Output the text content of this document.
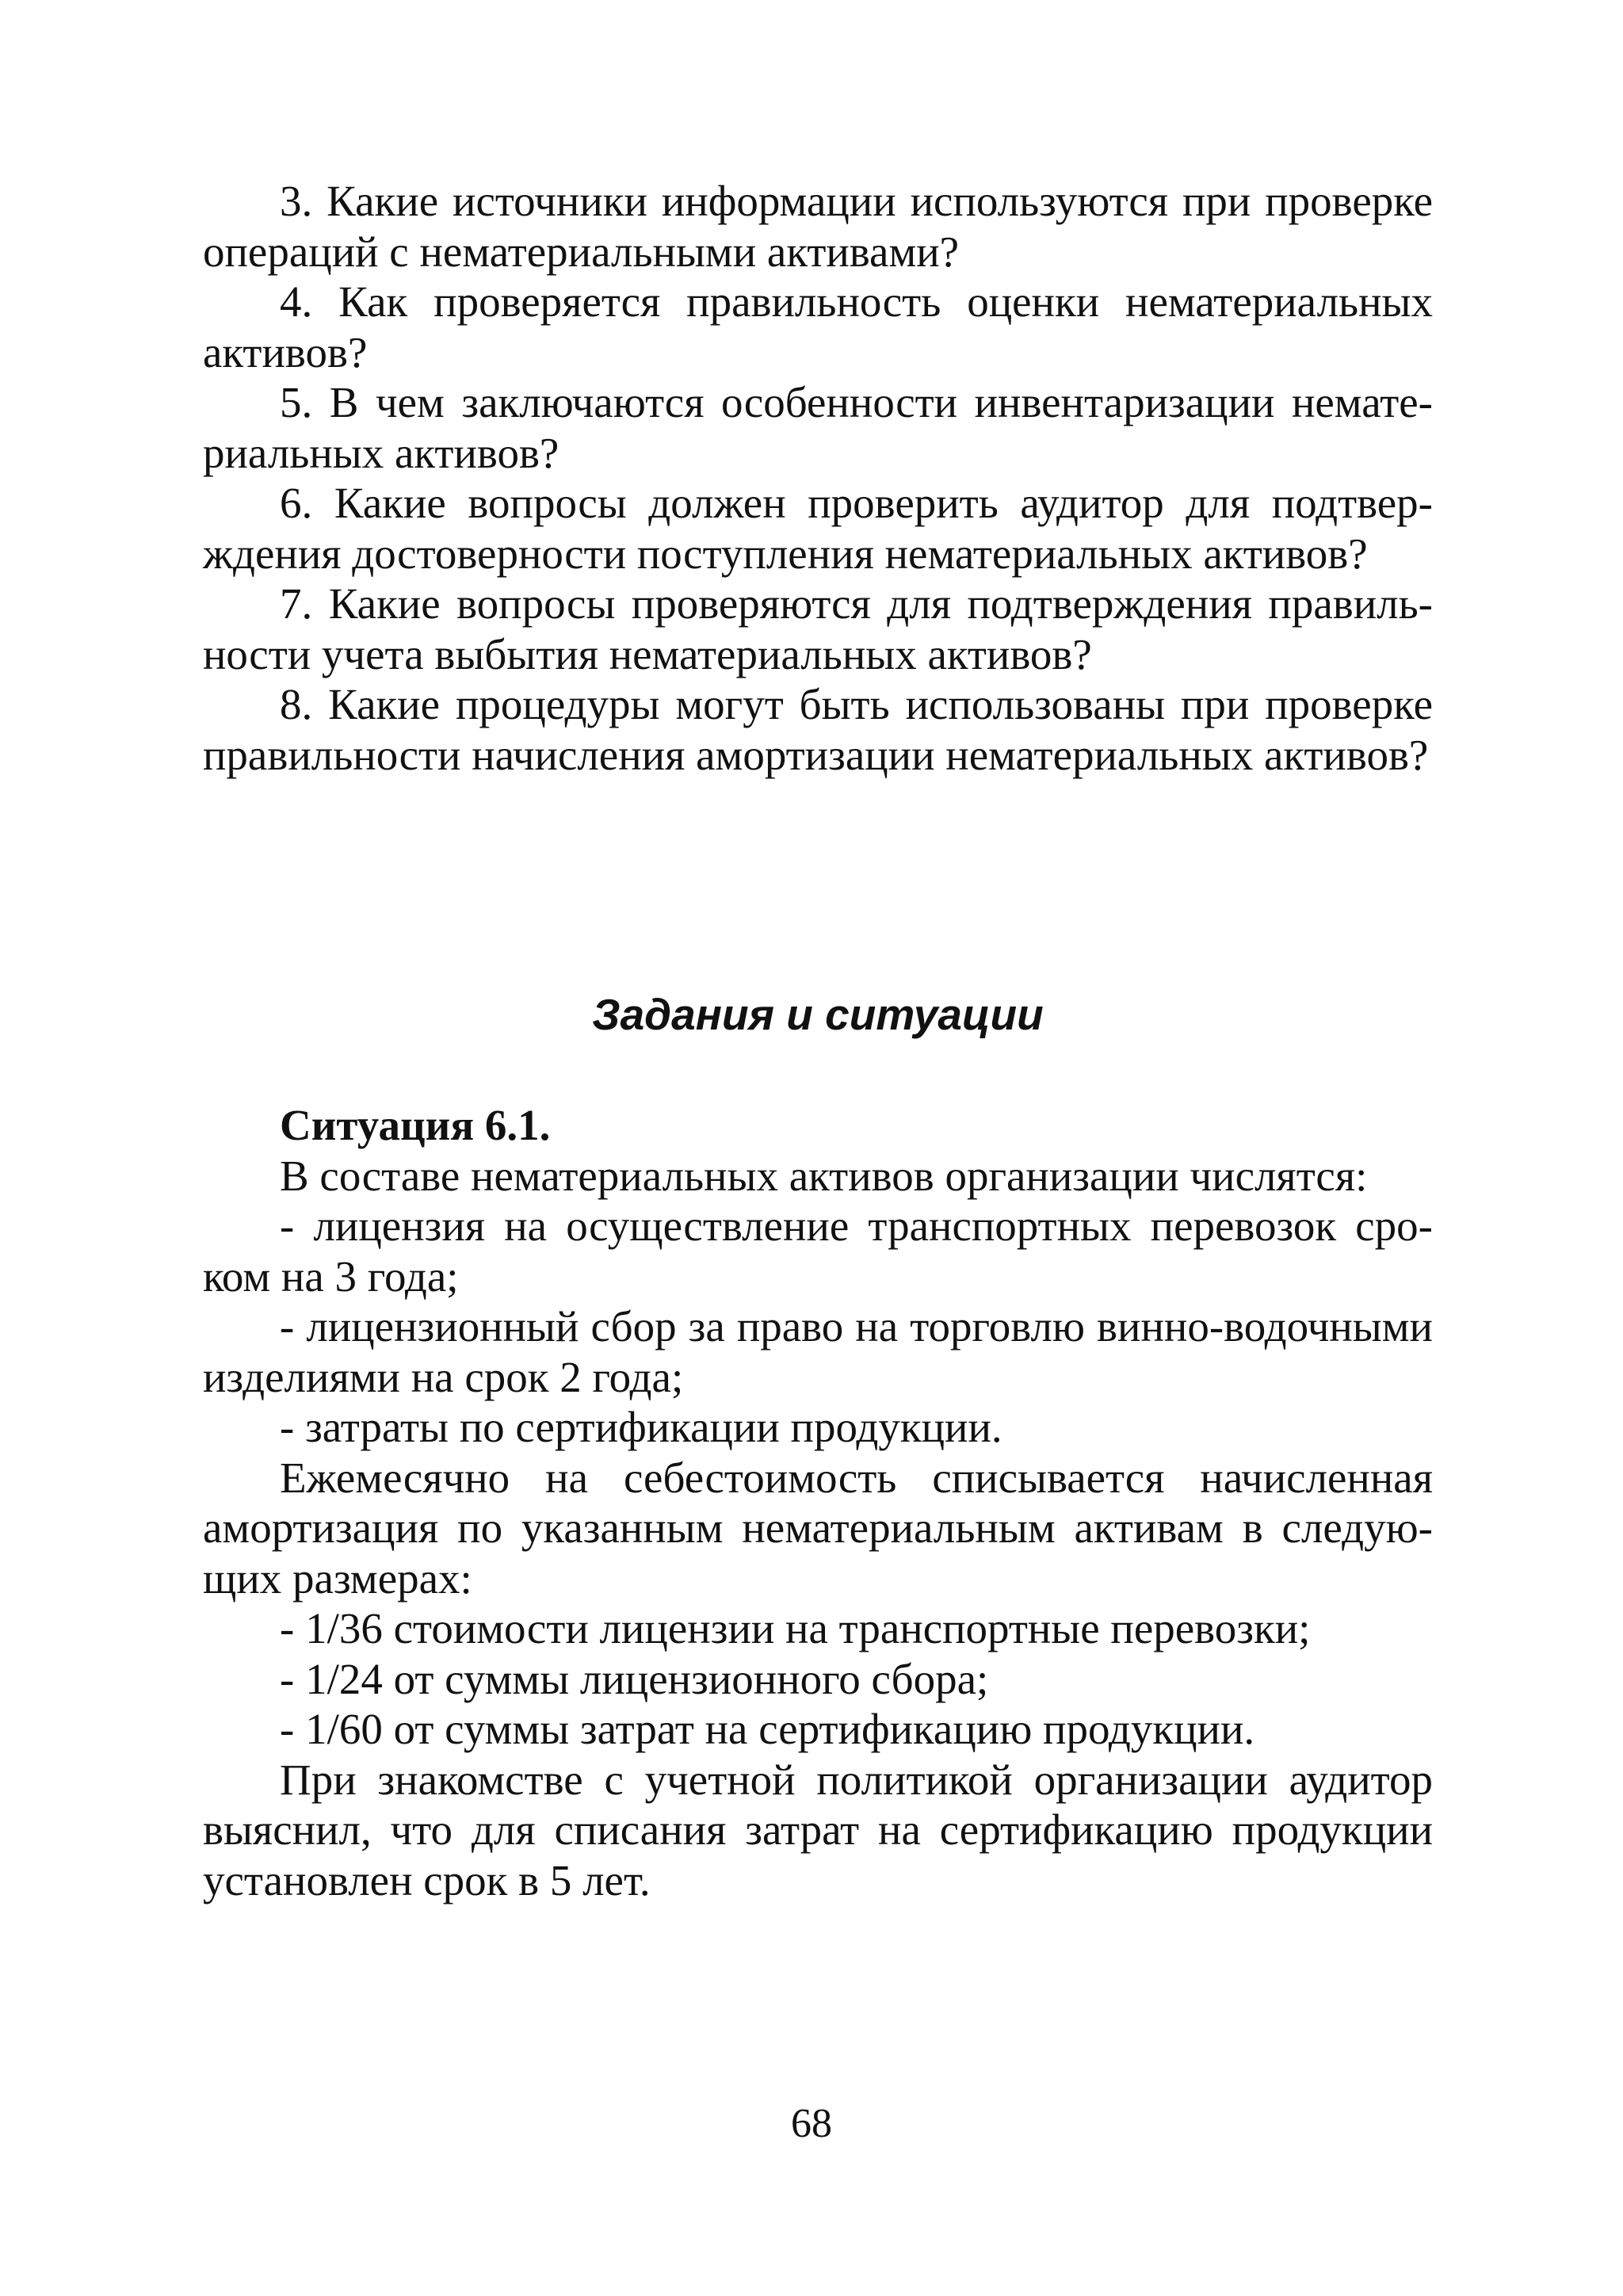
3. Какие источники информации используются при проверке операций с нематериальными активами?

4. Как проверяется правильность оценки нематериальных активов?

5. В чем заключаются особенности инвентаризации нематериальных активов?

6. Какие вопросы должен проверить аудитор для подтверждения достоверности поступления нематериальных активов?

7. Какие вопросы проверяются для подтверждения правильности учета выбытия нематериальных активов?

8. Какие процедуры могут быть использованы при проверке правильности начисления амортизации нематериальных активов?

Задания и ситуации

Ситуация 6.1.

В составе нематериальных активов организации числятся:

- лицензия на осуществление транспортных перевозок сроком на 3 года;

- лицензионный сбор за право на торговлю винно-водочными изделиями на срок 2 года;

- затраты по сертификации продукции.

Ежемесячно на себестоимость списывается начисленная амортизация по указанным нематериальным активам в следующих размерах:

- 1/36 стоимости лицензии на транспортные перевозки;

- 1/24 от суммы лицензионного сбора;

- 1/60 от суммы затрат на сертификацию продукции.

При знакомстве с учетной политикой организации аудитор выяснил, что для списания затрат на сертификацию продукции установлен срок в 5 лет.

68
